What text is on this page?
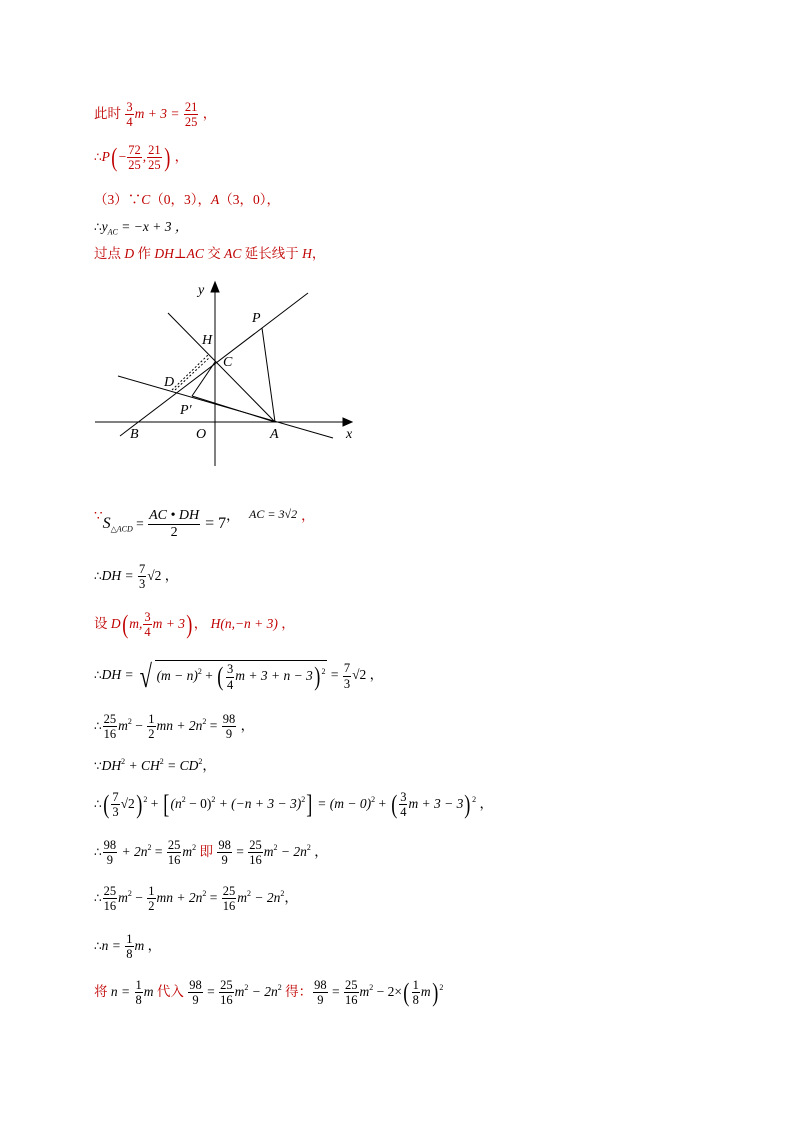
此时 $\frac{3}{4}$ $m + 3 = \frac{21}{25}$ ，
∴P(− $\frac{72}{25}$ , $\frac{21}{25}$ ) ，
（3）∵C（0，3），A（3，0），
$\therefore y_{AC} = -x + 3$ ，
过点 D 作 DH⊥AC 交 AC 延长线于 H，
y
x
P
H
C
D
P′
B	O	A
$\because S_{\triangle ACD} = \frac{AC • DH}{2} = 7$， AC = 3√2 ，
∴DH = $\frac{7}{3} √2$ ，
设 D(m, $\frac{3}{4}$ m + 3)， H(n,−n + 3) ，
∴DH = √ $(m - n)^2$ + ( $\frac{3}{4}$ $m + 3 + n - 3)^2 = \frac{7}{3} √2$ ，
∴ $\frac{25}{16} m^2 - \frac{1}{2}$ mn + $2n^2 = \frac{98}{9}$ ，
$\because DH^2 + CH^2 = CD^2$，
∴( $\frac{7}{3} √2)^2 + [(n^2 - 0)^2 + (-n + 3 - 3)^2] = (m - 0)^2$ + ( $\frac{3}{4}$ m + 3 − 3)$^2$ ，
∴ $\frac{98}{9} + 2n^2 = \frac{25}{16} m^2$ 即 $\frac{98}{9} = \frac{25}{16} m^2 - 2n^2$ ，
∴ $\frac{25}{16} m^2 - \frac{1}{2}$ mn + $2n^2 = \frac{25}{16} m^2 - 2n^2$，
∴n = $\frac{1}{8}$ m ，
将 $n = \frac{1}{8}$ m 代入 $\frac{98}{9} = \frac{25}{16} m^2 - 2n^2$ 得： $\frac{98}{9} = \frac{25}{16} m^2 - 2\times( \frac{1}{8} m)^2$
